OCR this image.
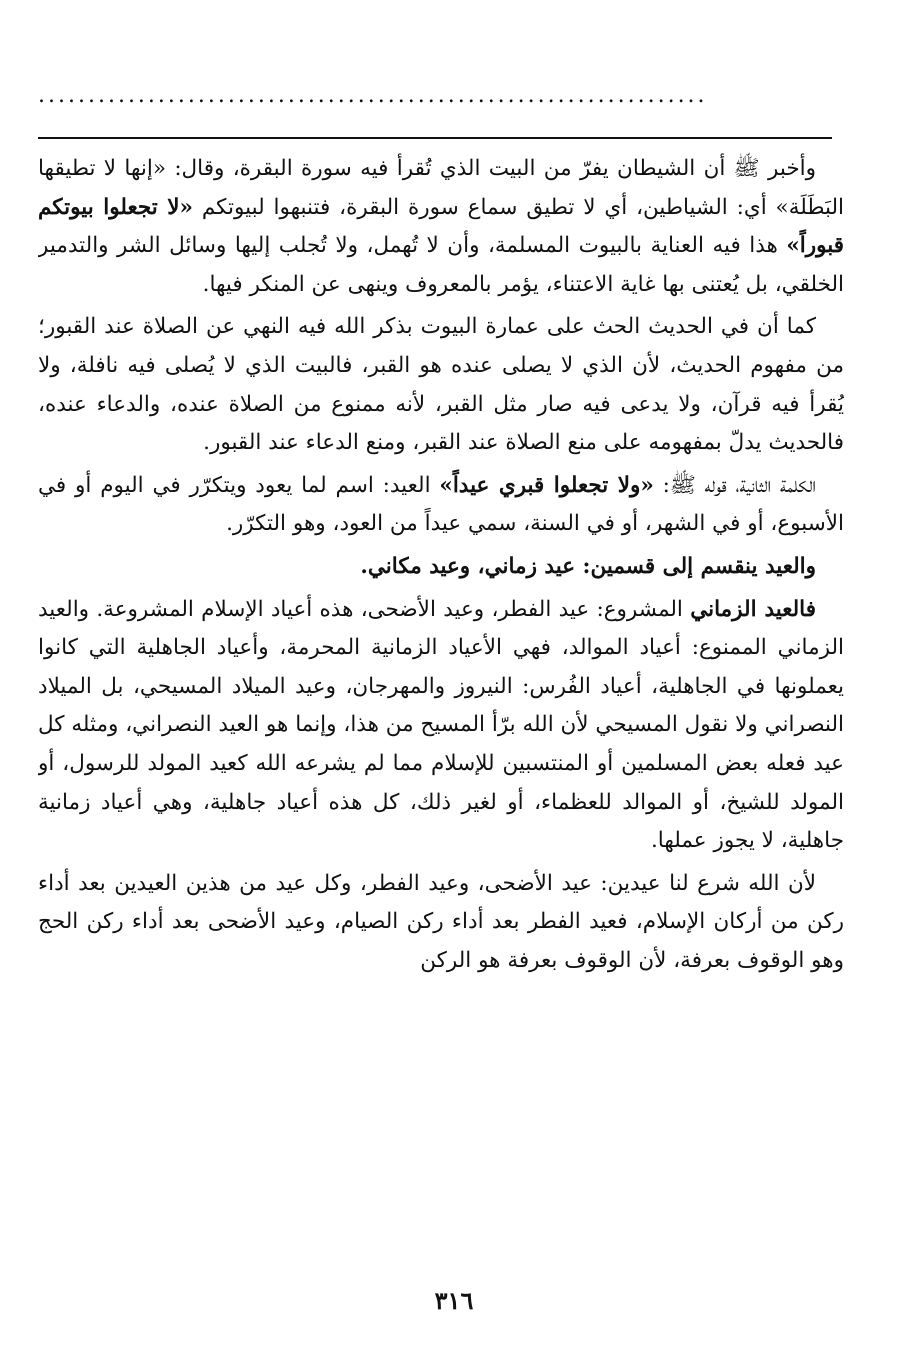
...................................................................

وأخبر ﷺ أن الشيطان يفرّ من البيت الذي تُقرأ فيه سورة البقرة، وقال: «إنها لا تطيقها البَطَلَة» أي: الشياطين، أي لا تطيق سماع سورة البقرة، فتنبهوا لبيوتكم «لا تجعلوا بيوتكم قبوراً» هذا فيه العناية بالبيوت المسلمة، وأن لا تُهمل، ولا تُجلب إليها وسائل الشر والتدمير الخلقي، بل يُعتنى بها غاية الاعتناء، يؤمر بالمعروف وينهى عن المنكر فيها.

كما أن في الحديث الحث على عمارة البيوت بذكر الله فيه النهي عن الصلاة عند القبور؛ من مفهوم الحديث، لأن الذي لا يصلى عنده هو القبر، فالبيت الذي لا يُصلى فيه نافلة، ولا يُقرأ فيه قرآن، ولا يدعى فيه صار مثل القبر، لأنه ممنوع من الصلاة عنده، والدعاء عنده، فالحديث يدلّ بمفهومه على منع الصلاة عند القبر، ومنع الدعاء عند القبور.

الكلمة الثانية، قوله ﷺ: «ولا تجعلوا قبري عيداً» العيد: اسم لما يعود ويتكرّر في اليوم أو في الأسبوع، أو في الشهر، أو في السنة، سمي عيداً من العود، وهو التكرّر.

والعيد ينقسم إلى قسمين: عيد زماني، وعيد مكاني.

فالعيد الزماني المشروع: عيد الفطر، وعيد الأضحى، هذه أعياد الإسلام المشروعة. والعيد الزماني الممنوع: أعياد الموالد، فهي الأعياد الزمانية المحرمة، وأعياد الجاهلية التي كانوا يعملونها في الجاهلية، أعياد الفُرس: النيروز والمهرجان، وعيد الميلاد المسيحي، بل الميلاد النصراني ولا نقول المسيحي لأن الله برّأ المسيح من هذا، وإنما هو العيد النصراني، ومثله كل عيد فعله بعض المسلمين أو المنتسبين للإسلام مما لم يشرعه الله كعيد المولد للرسول، أو المولد للشيخ، أو الموالد للعظماء، أو لغير ذلك، كل هذه أعياد جاهلية، وهي أعياد زمانية جاهلية، لا يجوز عملها.

لأن الله شرع لنا عيدين: عيد الأضحى، وعيد الفطر، وكل عيد من هذين العيدين بعد أداء ركن من أركان الإسلام، فعيد الفطر بعد أداء ركن الصيام، وعيد الأضحى بعد أداء ركن الحج وهو الوقوف بعرفة، لأن الوقوف بعرفة هو الركن

٣١٦
